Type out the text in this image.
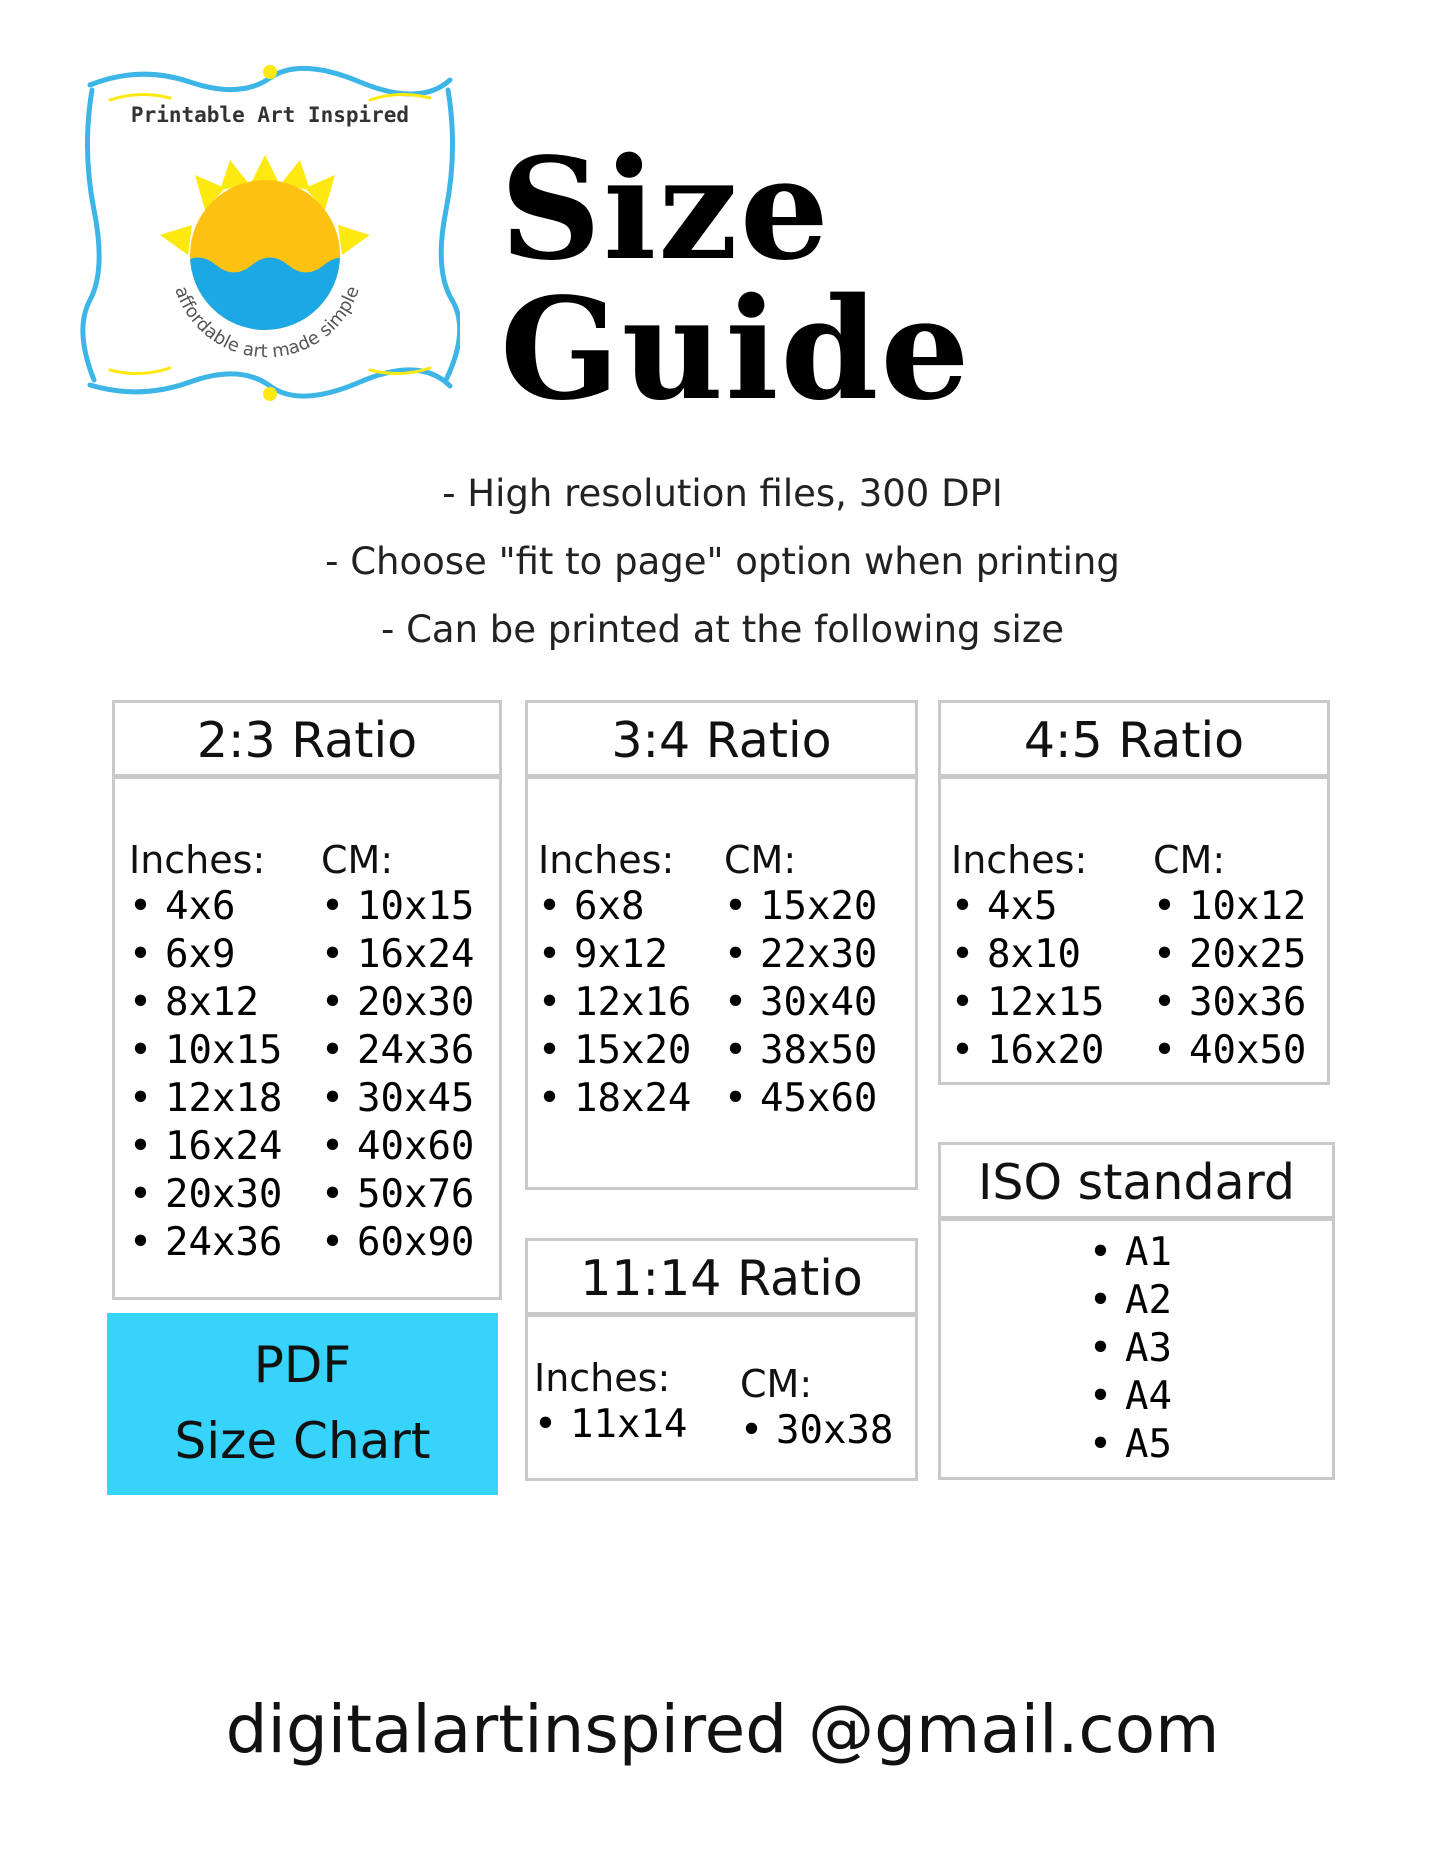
Printable Art Inspired
affordable art made simple
Size Guide
- High resolution files, 300 DPI
- Choose "fit to page" option when printing
- Can be printed at the following size
2:3 Ratio
Inches:
• 4x6
• 6x9
• 8x12
• 10x15
• 12x18
• 16x24
• 20x30
• 24x36
CM:
• 10x15
• 16x24
• 20x30
• 24x36
• 30x45
• 40x60
• 50x76
• 60x90
3:4 Ratio
Inches:
• 6x8
• 9x12
• 12x16
• 15x20
• 18x24
CM:
• 15x20
• 22x30
• 30x40
• 38x50
• 45x60
4:5 Ratio
Inches:
• 4x5
• 8x10
• 12x15
• 16x20
CM:
• 10x12
• 20x25
• 30x36
• 40x50
ISO standard
• A1
• A2
• A3
• A4
• A5
11:14 Ratio
Inches:
• 11x14
CM:
• 30x38
PDF
Size Chart
digitalartinspired @gmail.com
